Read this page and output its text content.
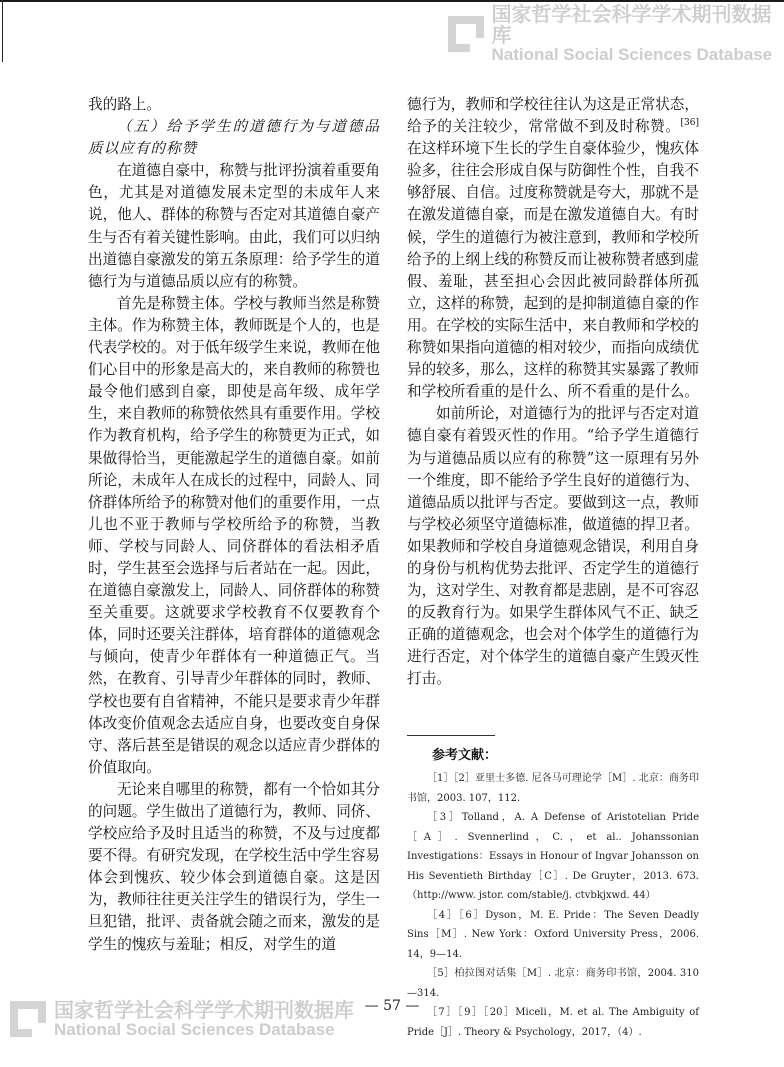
国家哲学社会科学学术期刊数据库
National Social Sciences Database

我的路上。

（五）给予学生的道德行为与道德品质以应有的称赞

在道德自豪中，称赞与批评扮演着重要角色，尤其是对道德发展未定型的未成年人来说，他人、群体的称赞与否定对其道德自豪产生与否有着关键性影响。由此，我们可以归纳出道德自豪激发的第五条原理：给予学生的道德行为与道德品质以应有的称赞。

首先是称赞主体。学校与教师当然是称赞主体。作为称赞主体，教师既是个人的，也是代表学校的。对于低年级学生来说，教师在他们心目中的形象是高大的，来自教师的称赞也最令他们感到自豪，即使是高年级、成年学生，来自教师的称赞依然具有重要作用。学校作为教育机构，给予学生的称赞更为正式，如果做得恰当，更能激起学生的道德自豪。如前所论，未成年人在成长的过程中，同龄人、同侪群体所给予的称赞对他们的重要作用，一点儿也不亚于教师与学校所给予的称赞，当教师、学校与同龄人、同侪群体的看法相矛盾时，学生甚至会选择与后者站在一起。因此，在道德自豪激发上，同龄人、同侪群体的称赞至关重要。这就要求学校教育不仅要教育个体，同时还要关注群体，培育群体的道德观念与倾向，使青少年群体有一种道德正气。当然，在教育、引导青少年群体的同时，教师、学校也要有自省精神，不能只是要求青少年群体改变价值观念去适应自身，也要改变自身保守、落后甚至是错误的观念以适应青少群体的价值取向。

无论来自哪里的称赞，都有一个恰如其分的问题。学生做出了道德行为，教师、同侪、学校应给予及时且适当的称赞，不及与过度都要不得。有研究发现，在学校生活中学生容易体会到愧疚、较少体会到道德自豪。这是因为，教师往往更关注学生的错误行为，学生一旦犯错，批评、责备就会随之而来，激发的是学生的愧疚与羞耻；相反，对学生的道

德行为，教师和学校往往认为这是正常状态，给予的关注较少，常常做不到及时称赞。[36]在这样环境下生长的学生自豪体验少，愧疚体验多，往往会形成自保与防御性个性，自我不够舒展、自信。过度称赞就是夸大，那就不是在激发道德自豪，而是在激发道德自大。有时候，学生的道德行为被注意到，教师和学校所给予的上纲上线的称赞反而让被称赞者感到虚假、羞耻，甚至担心会因此被同龄群体所孤立，这样的称赞，起到的是抑制道德自豪的作用。在学校的实际生活中，来自教师和学校的称赞如果指向道德的相对较少，而指向成绩优异的较多，那么，这样的称赞其实暴露了教师和学校所看重的是什么、所不看重的是什么。

如前所论，对道德行为的批评与否定对道德自豪有着毁灭性的作用。“给予学生道德行为与道德品质以应有的称赞”这一原理有另外一个维度，即不能给予学生良好的道德行为、道德品质以批评与否定。要做到这一点，教师与学校必须坚守道德标准，做道德的捍卫者。如果教师和学校自身道德观念错误，利用自身的身份与机构优势去批评、否定学生的道德行为，这对学生、对教育都是悲剧，是不可容忍的反教育行为。如果学生群体风气不正、缺乏正确的道德观念，也会对个体学生的道德行为进行否定，对个体学生的道德自豪产生毁灭性打击。

参考文献：

［1］［2］亚里士多德. 尼各马可理论学［M］. 北京：商务印书馆，2003. 107，112.

［3］Tolland，A. A Defense of Aristotelian Pride［A］. Svennerlind，C.，et al.. Johanssonian Investigations：Essays in Honour of Ingvar Johansson on His Seventieth Birthday［C］. De Gruyter，2013. 673.（http://www. jstor. com/stable/j. ctvbkjxwd. 44）

［4］［6］Dyson，M. E. Pride：The Seven Deadly Sins［M］. New York：Oxford University Press，2006. 14，9—14.

［5］柏拉图对话集［M］. 北京：商务印书馆，2004. 310—314.

［7］［9］［20］Miceli，M. et al. The Ambiguity of Pride［J］. Theory & Psychology，2017，（4）.

— 57 —
国家哲学社会科学学术期刊数据库
National Social Sciences Database
